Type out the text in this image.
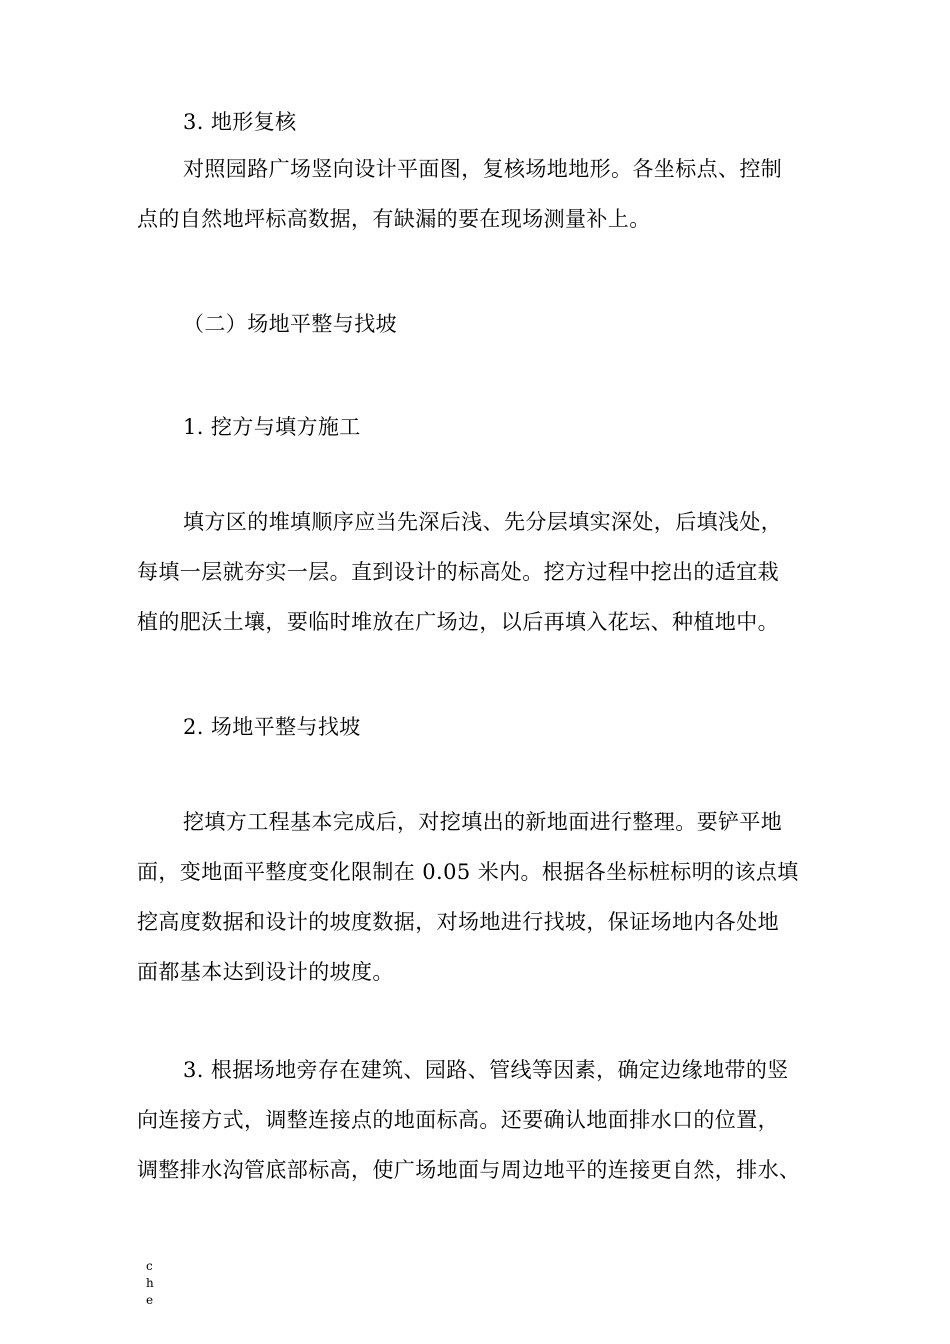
3. 地形复核
对照园路广场竖向设计平面图，复核场地地形。各坐标点、控制
点的自然地坪标高数据，有缺漏的要在现场测量补上。
（二）场地平整与找坡
1. 挖方与填方施工
填方区的堆填顺序应当先深后浅、先分层填实深处，后填浅处，
每填一层就夯实一层。直到设计的标高处。挖方过程中挖出的适宜栽
植的肥沃土壤，要临时堆放在广场边，以后再填入花坛、种植地中。
2. 场地平整与找坡
挖填方工程基本完成后，对挖填出的新地面进行整理。要铲平地
面，变地面平整度变化限制在 0.05 米内。根据各坐标桩标明的该点填
挖高度数据和设计的坡度数据，对场地进行找坡，保证场地内各处地
面都基本达到设计的坡度。
3. 根据场地旁存在建筑、园路、管线等因素，确定边缘地带的竖
向连接方式，调整连接点的地面标高。还要确认地面排水口的位置，
调整排水沟管底部标高，使广场地面与周边地平的连接更自然，排水、
che
